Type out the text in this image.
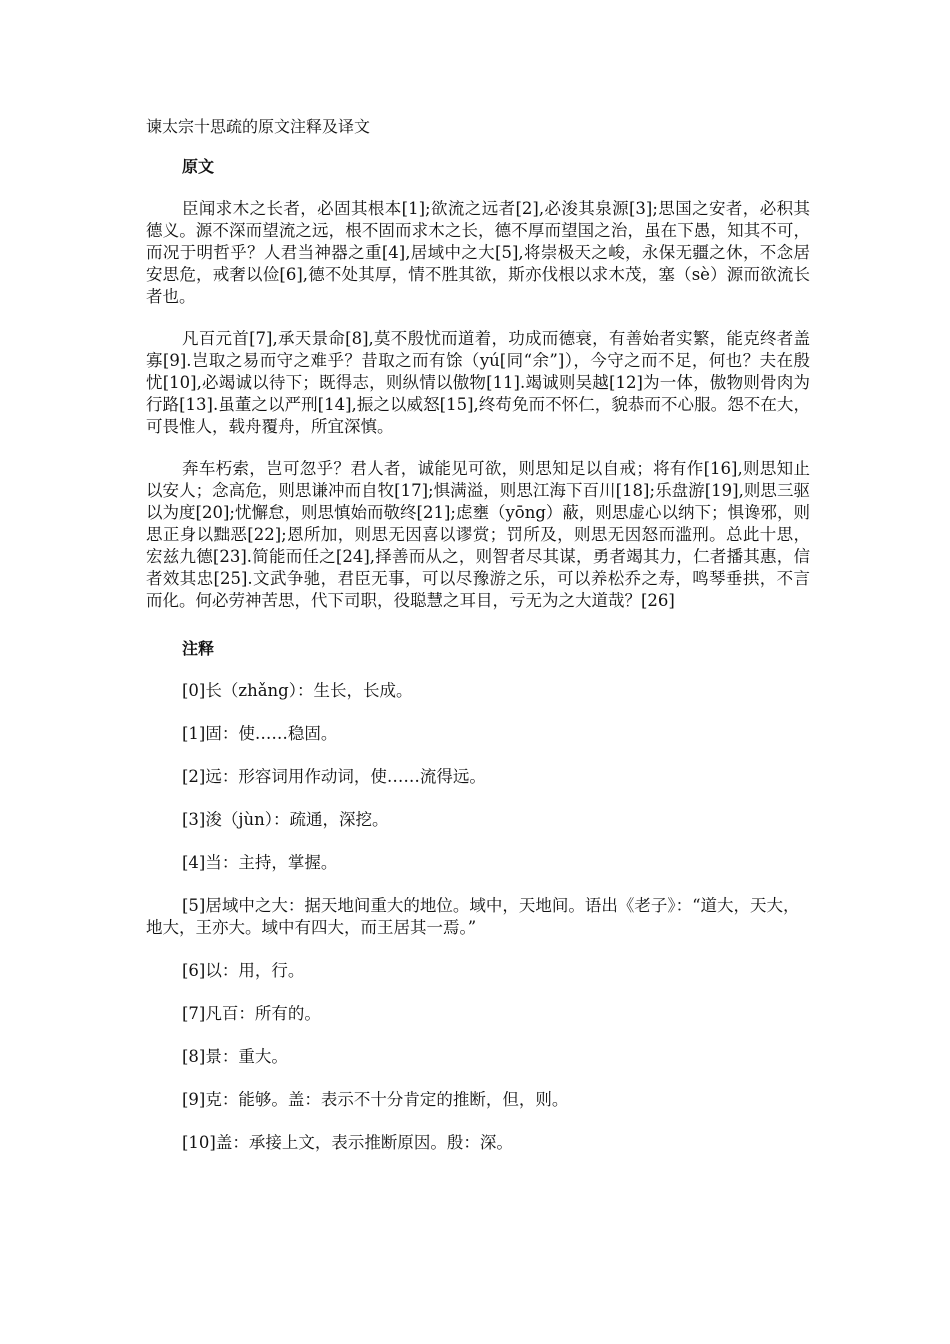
谏太宗十思疏的原文注释及译文
原文

臣闻求木之长者，必固其根本[1];欲流之远者[2],必浚其泉源[3];思国之安者，必积其德义。源不深而望流之远，根不固而求木之长，德不厚而望国之治，虽在下愚，知其不可，而况于明哲乎？人君当神器之重[4],居域中之大[5],将崇极天之峻，永保无疆之休，不念居安思危，戒奢以俭[6],德不处其厚，情不胜其欲，斯亦伐根以求木茂，塞（sè）源而欲流长者也。

凡百元首[7],承天景命[8],莫不殷忧而道着，功成而德衰，有善始者实繁，能克终者盖寡[9].岂取之易而守之难乎？昔取之而有馀（yú[同“余”]），今守之而不足，何也？夫在殷忧[10],必竭诚以待下；既得志，则纵情以傲物[11].竭诚则吴越[12]为一体，傲物则骨肉为行路[13].虽董之以严刑[14],振之以威怒[15],终苟免而不怀仁，貌恭而不心服。怨不在大，可畏惟人，载舟覆舟，所宜深慎。

奔车朽索，岂可忽乎？君人者，诚能见可欲，则思知足以自戒；将有作[16],则思知止以安人；念高危，则思谦冲而自牧[17];惧满溢，则思江海下百川[18];乐盘游[19],则思三驱以为度[20];忧懈怠，则思慎始而敬终[21];虑壅（yōng）蔽，则思虚心以纳下；惧谗邪，则思正身以黜恶[22];恩所加，则思无因喜以谬赏；罚所及，则思无因怒而滥刑。总此十思，宏兹九德[23].简能而任之[24],择善而从之，则智者尽其谋，勇者竭其力，仁者播其惠，信者效其忠[25].文武争驰，君臣无事，可以尽豫游之乐，可以养松乔之寿，鸣琴垂拱，不言而化。何必劳神苦思，代下司职，役聪慧之耳目，亏无为之大道哉？[26]

注释

[0]长（zhǎng）：生长，长成。

[1]固：使……稳固。

[2]远：形容词用作动词，使……流得远。

[3]浚（jùn）：疏通，深挖。

[4]当：主持，掌握。

[5]居域中之大：据天地间重大的地位。域中，天地间。语出《老子》：“道大，天大，地大，王亦大。域中有四大，而王居其一焉。”

[6]以：用，行。

[7]凡百：所有的。

[8]景：重大。

[9]克：能够。盖：表示不十分肯定的推断，但，则。

[10]盖：承接上文，表示推断原因。殷：深。
